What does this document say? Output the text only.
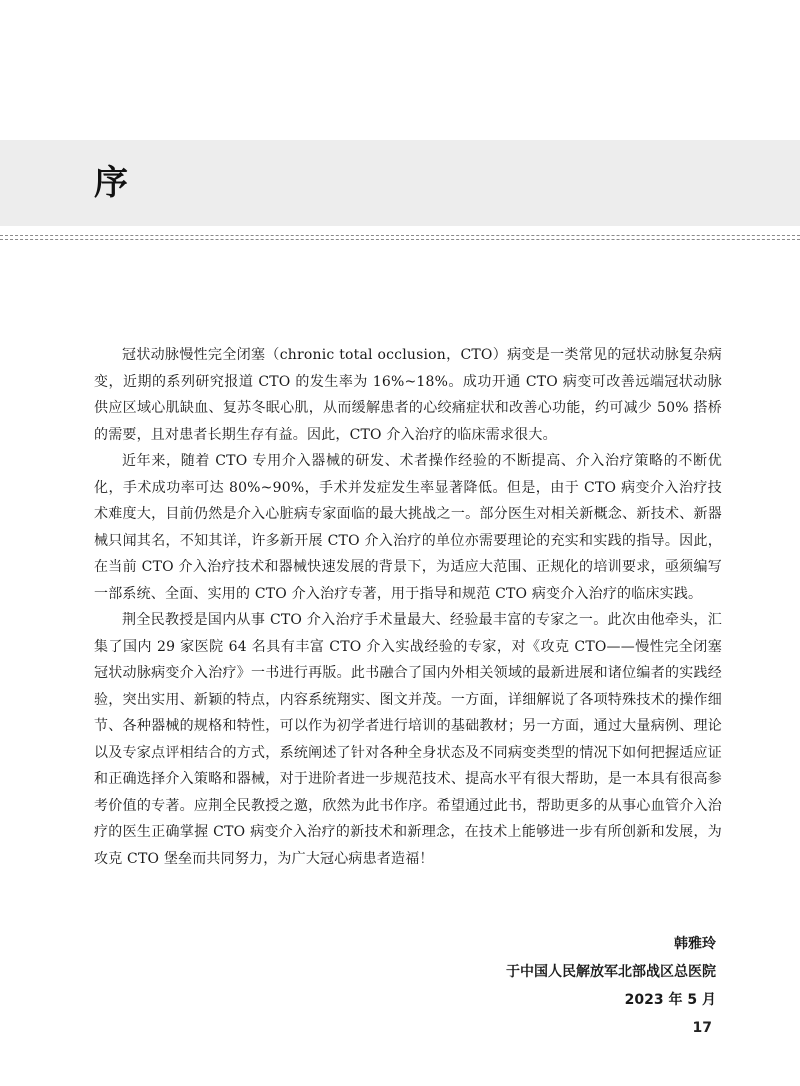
序

冠状动脉慢性完全闭塞（chronic total occlusion，CTO）病变是一类常见的冠状动脉复杂病变，近期的系列研究报道 CTO 的发生率为 16%~18%。成功开通 CTO 病变可改善远端冠状动脉供应区域心肌缺血、复苏冬眠心肌，从而缓解患者的心绞痛症状和改善心功能，约可减少 50% 搭桥的需要，且对患者长期生存有益。因此，CTO 介入治疗的临床需求很大。

近年来，随着 CTO 专用介入器械的研发、术者操作经验的不断提高、介入治疗策略的不断优化，手术成功率可达 80%~90%，手术并发症发生率显著降低。但是，由于 CTO 病变介入治疗技术难度大，目前仍然是介入心脏病专家面临的最大挑战之一。部分医生对相关新概念、新技术、新器械只闻其名，不知其详，许多新开展 CTO 介入治疗的单位亦需要理论的充实和实践的指导。因此，在当前 CTO 介入治疗技术和器械快速发展的背景下，为适应大范围、正规化的培训要求，亟须编写一部系统、全面、实用的 CTO 介入治疗专著，用于指导和规范 CTO 病变介入治疗的临床实践。

荆全民教授是国内从事 CTO 介入治疗手术量最大、经验最丰富的专家之一。此次由他牵头，汇集了国内 29 家医院 64 名具有丰富 CTO 介入实战经验的专家，对《攻克 CTO——慢性完全闭塞冠状动脉病变介入治疗》一书进行再版。此书融合了国内外相关领域的最新进展和诸位编者的实践经验，突出实用、新颖的特点，内容系统翔实、图文并茂。一方面，详细解说了各项特殊技术的操作细节、各种器械的规格和特性，可以作为初学者进行培训的基础教材；另一方面，通过大量病例、理论以及专家点评相结合的方式，系统阐述了针对各种全身状态及不同病变类型的情况下如何把握适应证和正确选择介入策略和器械，对于进阶者进一步规范技术、提高水平有很大帮助，是一本具有很高参考价值的专著。应荆全民教授之邀，欣然为此书作序。希望通过此书，帮助更多的从事心血管介入治疗的医生正确掌握 CTO 病变介入治疗的新技术和新理念，在技术上能够进一步有所创新和发展，为攻克 CTO 堡垒而共同努力，为广大冠心病患者造福！

韩雅玲
于中国人民解放军北部战区总医院
2023 年 5 月
17
